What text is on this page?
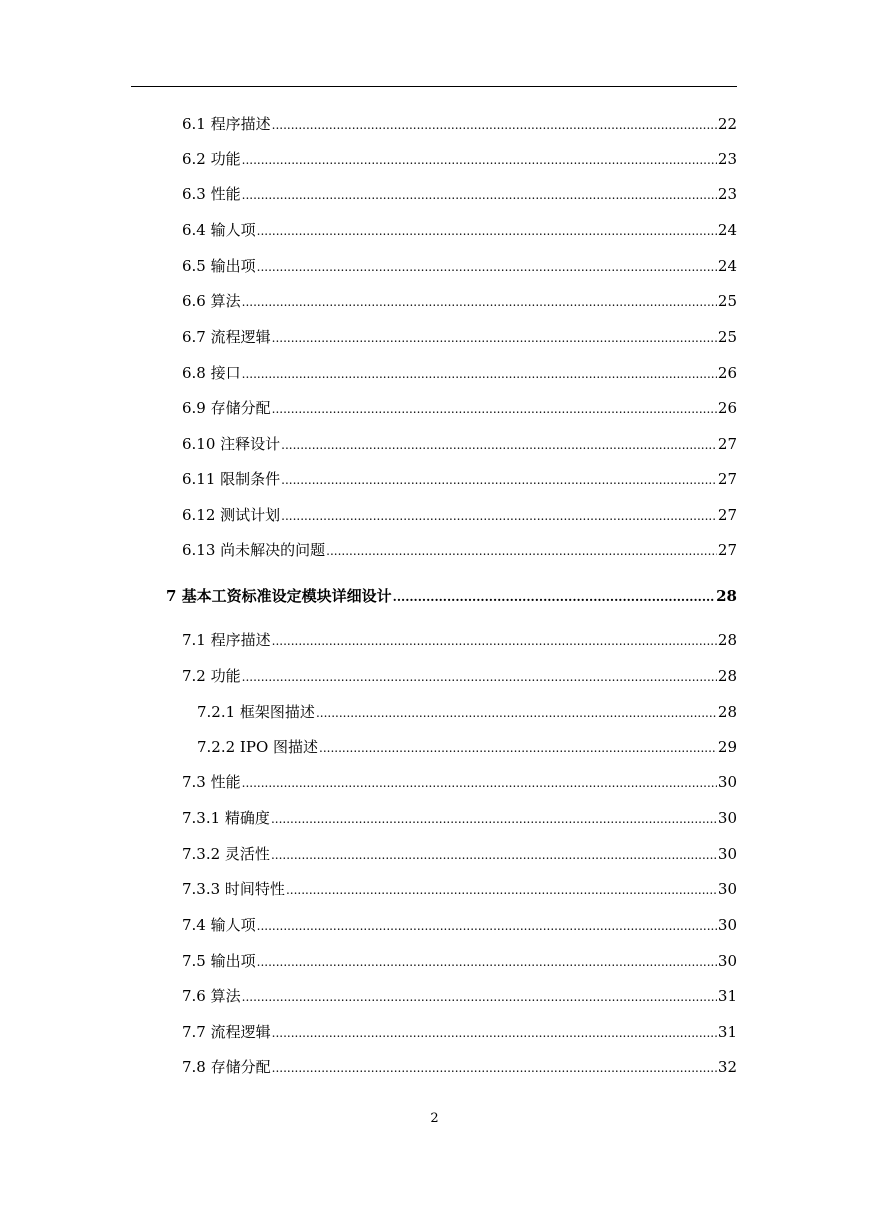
6.1 程序描述 .....	22
6.2 功能 .....	23
6.3 性能 .....	23
6.4 输人项 .....	24
6.5 输出项 .....	24
6.6 算法 .....	25
6.7 流程逻辑 .....	25
6.8 接口 .....	26
6.9 存储分配 .....	26
6.10 注释设计 .....	27
6.11 限制条件 .....	27
6.12 测试计划 .....	27
6.13 尚未解决的问题 .....	27
7 基本工资标准设定模块详细设计 .....	28
7.1 程序描述 .....	28
7.2 功能 .....	28
7.2.1 框架图描述 .....	28
7.2.2 IPO 图描述 .....	29
7.3 性能 .....	30
7.3.1 精确度 .....	30
7.3.2 灵活性 .....	30
7.3.3 时间特性 .....	30
7.4 输人项 .....	30
7.5 输出项 .....	30
7.6 算法 .....	31
7.7 流程逻辑 .....	31
7.8 存储分配 .....	32
2
